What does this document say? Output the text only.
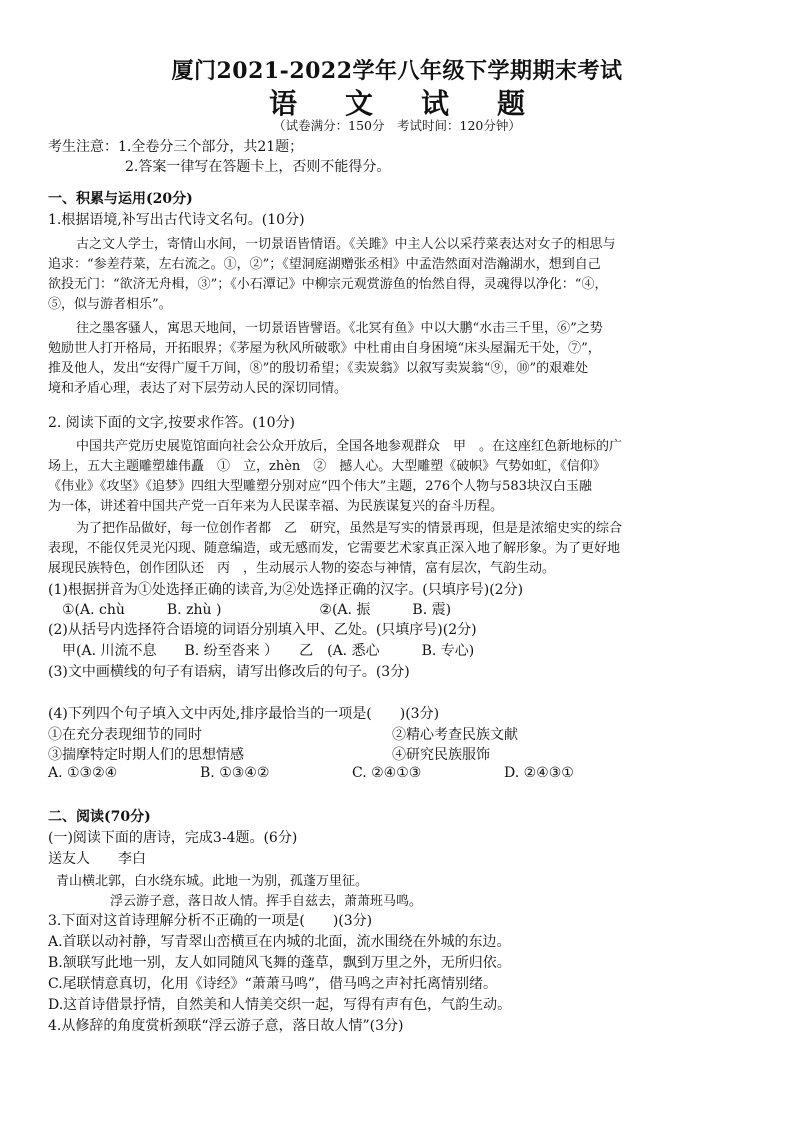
厦门2021-2022学年八年级下学期期末考试
语文试题
（试卷满分：150分　考试时间：120分钟）
考生注意：1.全卷分三个部分，共21题；
2.答案一律写在答题卡上，否则不能得分。
一、积累与运用(20分)
1.根据语境,补写出古代诗文名句。(10分)
古之文人学士，寄情山水间，一切景语皆情语。《关雎》中主人公以采荇菜表达对女子的相思与
追求：“参差荇菜，左右流之。①，②”；《望洞庭湖赠张丞相》中孟浩然面对浩瀚湖水，想到自己
欲投无门：“欲济无舟楫，③”；《小石潭记》中柳宗元观赏游鱼的怡然自得，灵魂得以净化：“④，
⑤，似与游者相乐”。
往之墨客骚人，寓思天地间，一切景语皆譬语。《北冥有鱼》中以大鹏“水击三千里，⑥”之势
勉励世人打开格局，开拓眼界；《茅屋为秋风所破歌》中杜甫由自身困境“床头屋漏无干处，⑦”，
推及他人，发出“安得广厦千万间，⑧”的殷切希望；《卖炭翁》以叙写卖炭翁“⑨，⑩”的艰难处
境和矛盾心理，表达了对下层劳动人民的深切同情。
2. 阅读下面的文字,按要求作答。(10分)
中国共产党历史展览馆面向社会公众开放后，全国各地参观群众　甲　。在这座红色新地标的广
场上，五大主题雕塑雄伟矗　①　立，zhèn　②　撼人心。大型雕塑《破帜》气势如虹，《信仰》
《伟业》《攻坚》《追梦》四组大型雕塑分别对应“四个伟大”主题，276个人物与583块汉白玉融
为一体，讲述着中国共产党一百年来为人民谋幸福、为民族谋复兴的奋斗历程。
为了把作品做好，每一位创作者都　乙　研究，虽然是写实的情景再现，但是是浓缩史实的综合
表现，不能仅凭灵光闪现、随意编造，或无感而发，它需要艺术家真正深入地了解形象。为了更好地
展现民族特色，创作团队还　丙　，生动展示人物的姿态与神情，富有层次，气韵生动。
(1)根据拼音为①处选择正确的读音,为②处选择正确的汉字。(只填序号)(2分)
①(A. chù　　　B. zhù )　　　　　　　②(A. 振　　　B. 震)
(2)从括号内选择符合语境的词语分别填入甲、乙处。(只填序号)(2分)
甲(A. 川流不息　　B. 纷至沓来 ）　　乙　(A. 悉心　　　B. 专心)
(3)文中画横线的句子有语病，请写出修改后的句子。(3分)
(4)下列四个句子填入文中丙处,排序最恰当的一项是(　　)(3分)
①在充分表现细节的同时	②精心考查民族文献
③揣摩特定时期人们的思想情感	④研究民族服饰
A. ①③②④	B. ①③④②	C. ②④①③	D. ②④③①
二、阅读(70分)
(一)阅读下面的唐诗，完成3-4题。(6分)
送友人　　李白
青山横北郭，白水绕东城。此地一为别，孤蓬万里征。
浮云游子意，落日故人情。挥手自兹去，萧萧班马鸣。
3.下面对这首诗理解分析不正确的一项是(　　)(3分)
A.首联以动衬静，写青翠山峦横亘在内城的北面，流水围绕在外城的东边。
B.颔联写此地一别，友人如同随风飞舞的蓬草，飘到万里之外，无所归依。
C.尾联情意真切，化用《诗经》“萧萧马鸣”，借马鸣之声衬托离情别绪。
D.这首诗借景抒情，自然美和人情美交织一起，写得有声有色，气韵生动。
4.从修辞的角度赏析颈联“浮云游子意，落日故人情”(3分)
